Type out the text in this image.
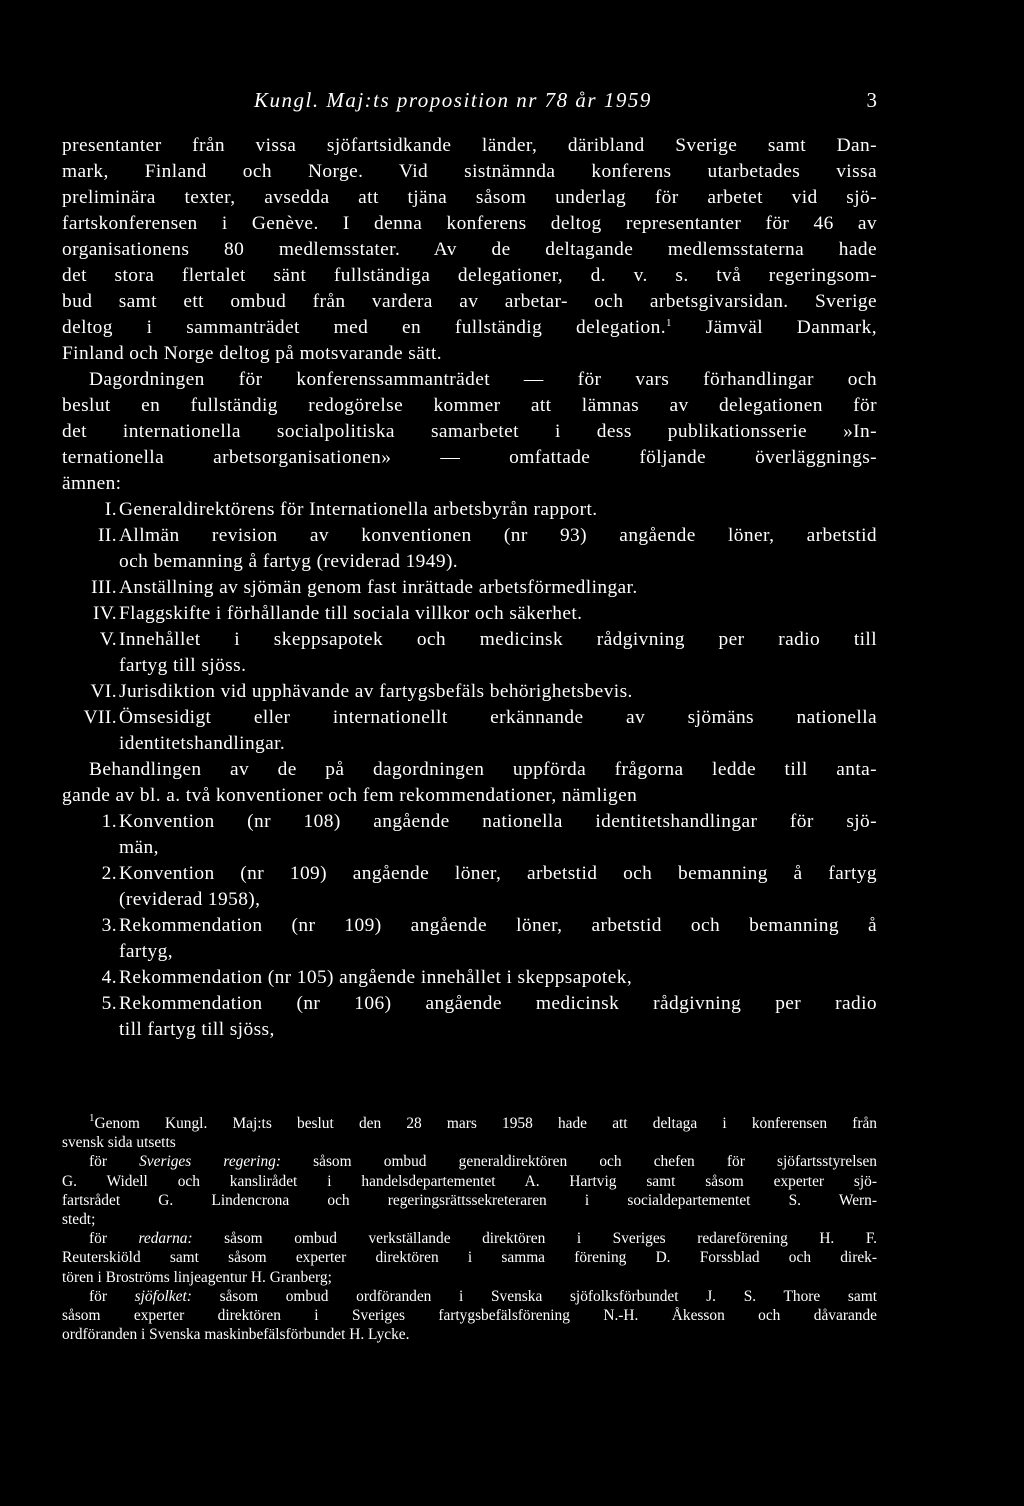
Kungl. Maj:ts proposition nr 78 år 1959	3
presentanter från vissa sjöfartsidkande länder, däribland Sverige samt Dan-
mark, Finland och Norge. Vid sistnämnda konferens utarbetades vissa
preliminära texter, avsedda att tjäna såsom underlag för arbetet vid sjö-
fartskonferensen i Genève. I denna konferens deltog representanter för 46 av
organisationens 80 medlemsstater. Av de deltagande medlemsstaterna hade
det stora flertalet sänt fullständiga delegationer, d. v. s. två regeringsom-
bud samt ett ombud från vardera av arbetar- och arbetsgivarsidan. Sverige
deltog i sammanträdet med en fullständig delegation.$^1$ Jämväl Danmark,
Finland och Norge deltog på motsvarande sätt.
Dagordningen för konferenssammanträdet — för vars förhandlingar och
beslut en fullständig redogörelse kommer att lämnas av delegationen för
det internationella socialpolitiska samarbetet i dess publikationsserie »In-
ternationella arbetsorganisationen» — omfattade följande överläggnings-
ämnen:
I. Generaldirektörens för Internationella arbetsbyrån rapport.
II. Allmän revision av konventionen (nr 93) angående löner, arbetstid
och bemanning å fartyg (reviderad 1949).
III. Anställning av sjömän genom fast inrättade arbetsförmedlingar.
IV. Flaggskifte i förhållande till sociala villkor och säkerhet.
V. Innehållet i skeppsapotek och medicinsk rådgivning per radio till
fartyg till sjöss.
VI. Jurisdiktion vid upphävande av fartygsbefäls behörighetsbevis.
VII. Ömsesidigt eller internationellt erkännande av sjömäns nationella
identitetshandlingar.
Behandlingen av de på dagordningen uppförda frågorna ledde till anta-
gande av bl. a. två konventioner och fem rekommendationer, nämligen
1. Konvention (nr 108) angående nationella identitetshandlingar för sjö-
män,
2. Konvention (nr 109) angående löner, arbetstid och bemanning å fartyg
(reviderad 1958),
3. Rekommendation (nr 109) angående löner, arbetstid och bemanning å
fartyg,
4. Rekommendation (nr 105) angående innehållet i skeppsapotek,
5. Rekommendation (nr 106) angående medicinsk rådgivning per radio
till fartyg till sjöss,
$^1$Genom Kungl. Maj:ts beslut den 28 mars 1958 hade att deltaga i konferensen från
svensk sida utsetts
för Sveriges regering: såsom ombud generaldirektören och chefen för sjöfartsstyrelsen
G. Widell och kanslirådet i handelsdepartementet A. Hartvig samt såsom experter sjö-
fartsrådet G. Lindencrona och regeringsrättssekreteraren i socialdepartementet S. Wern-
stedt;
för redarna: såsom ombud verkställande direktören i Sveriges redareförening H. F.
Reuterskiöld samt såsom experter direktören i samma förening D. Forssblad och direk-
tören i Broströms linjeagentur H. Granberg;
för sjöfolket: såsom ombud ordföranden i Svenska sjöfolksförbundet J. S. Thore samt
såsom experter direktören i Sveriges fartygsbefälsförening N.-H. Åkesson och dåvarande
ordföranden i Svenska maskinbefälsförbundet H. Lycke.
